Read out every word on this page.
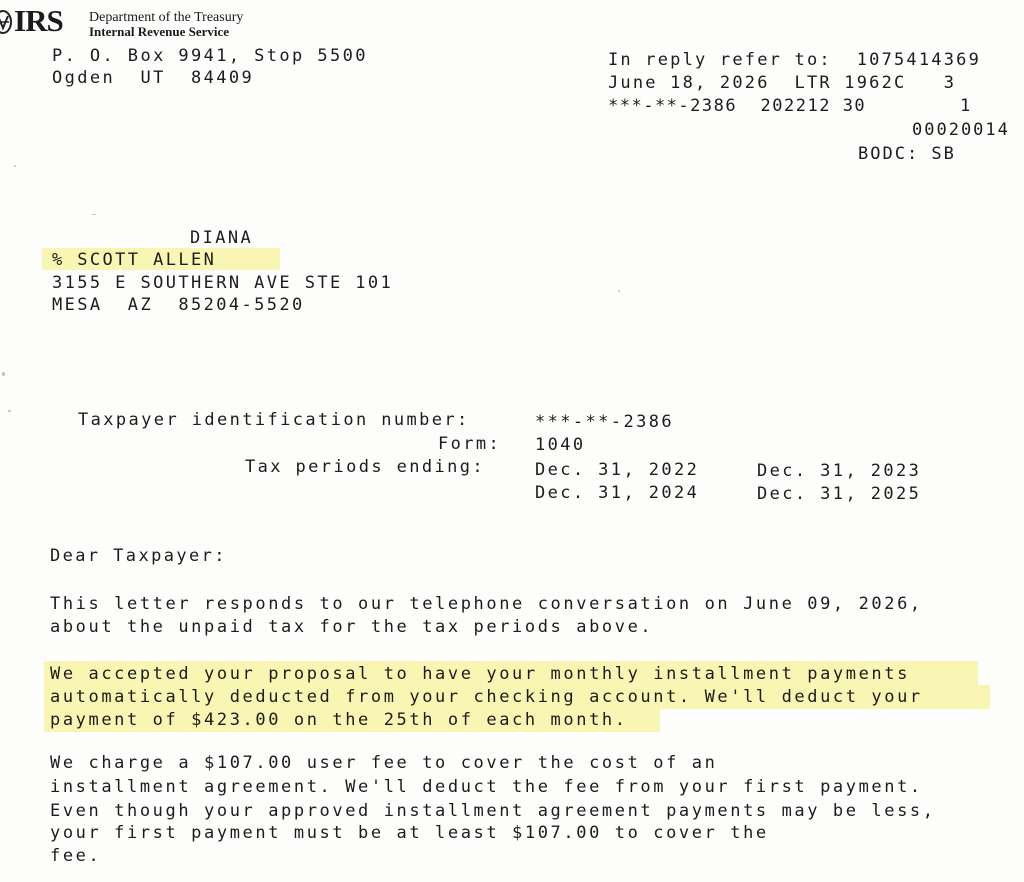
IRS Department of the Treasury
Internal Revenue Service
P. O. Box 9941, Stop 5500
Ogden  UT  84409
In reply refer to:  1075414369
June 18, 2026  LTR 1962C   3
***-**-2386  202212 30        1
00020014
BODC: SB
DIANA
% SCOTT ALLEN
3155 E SOUTHERN AVE STE 101
MESA  AZ  85204-5520
Taxpayer identification number:	***-**-2386
Form: 1040
Tax periods ending:	Dec. 31, 2022	Dec. 31, 2023
Dec. 31, 2024	Dec. 31, 2025
Dear Taxpayer:
This letter responds to our telephone conversation on June 09, 2026,
about the unpaid tax for the tax periods above.
We accepted your proposal to have your monthly installment payments
automatically deducted from your checking account. We'll deduct your
payment of $423.00 on the 25th of each month.
We charge a $107.00 user fee to cover the cost of an
installment agreement. We'll deduct the fee from your first payment.
Even though your approved installment agreement payments may be less,
your first payment must be at least $107.00 to cover the
fee.
